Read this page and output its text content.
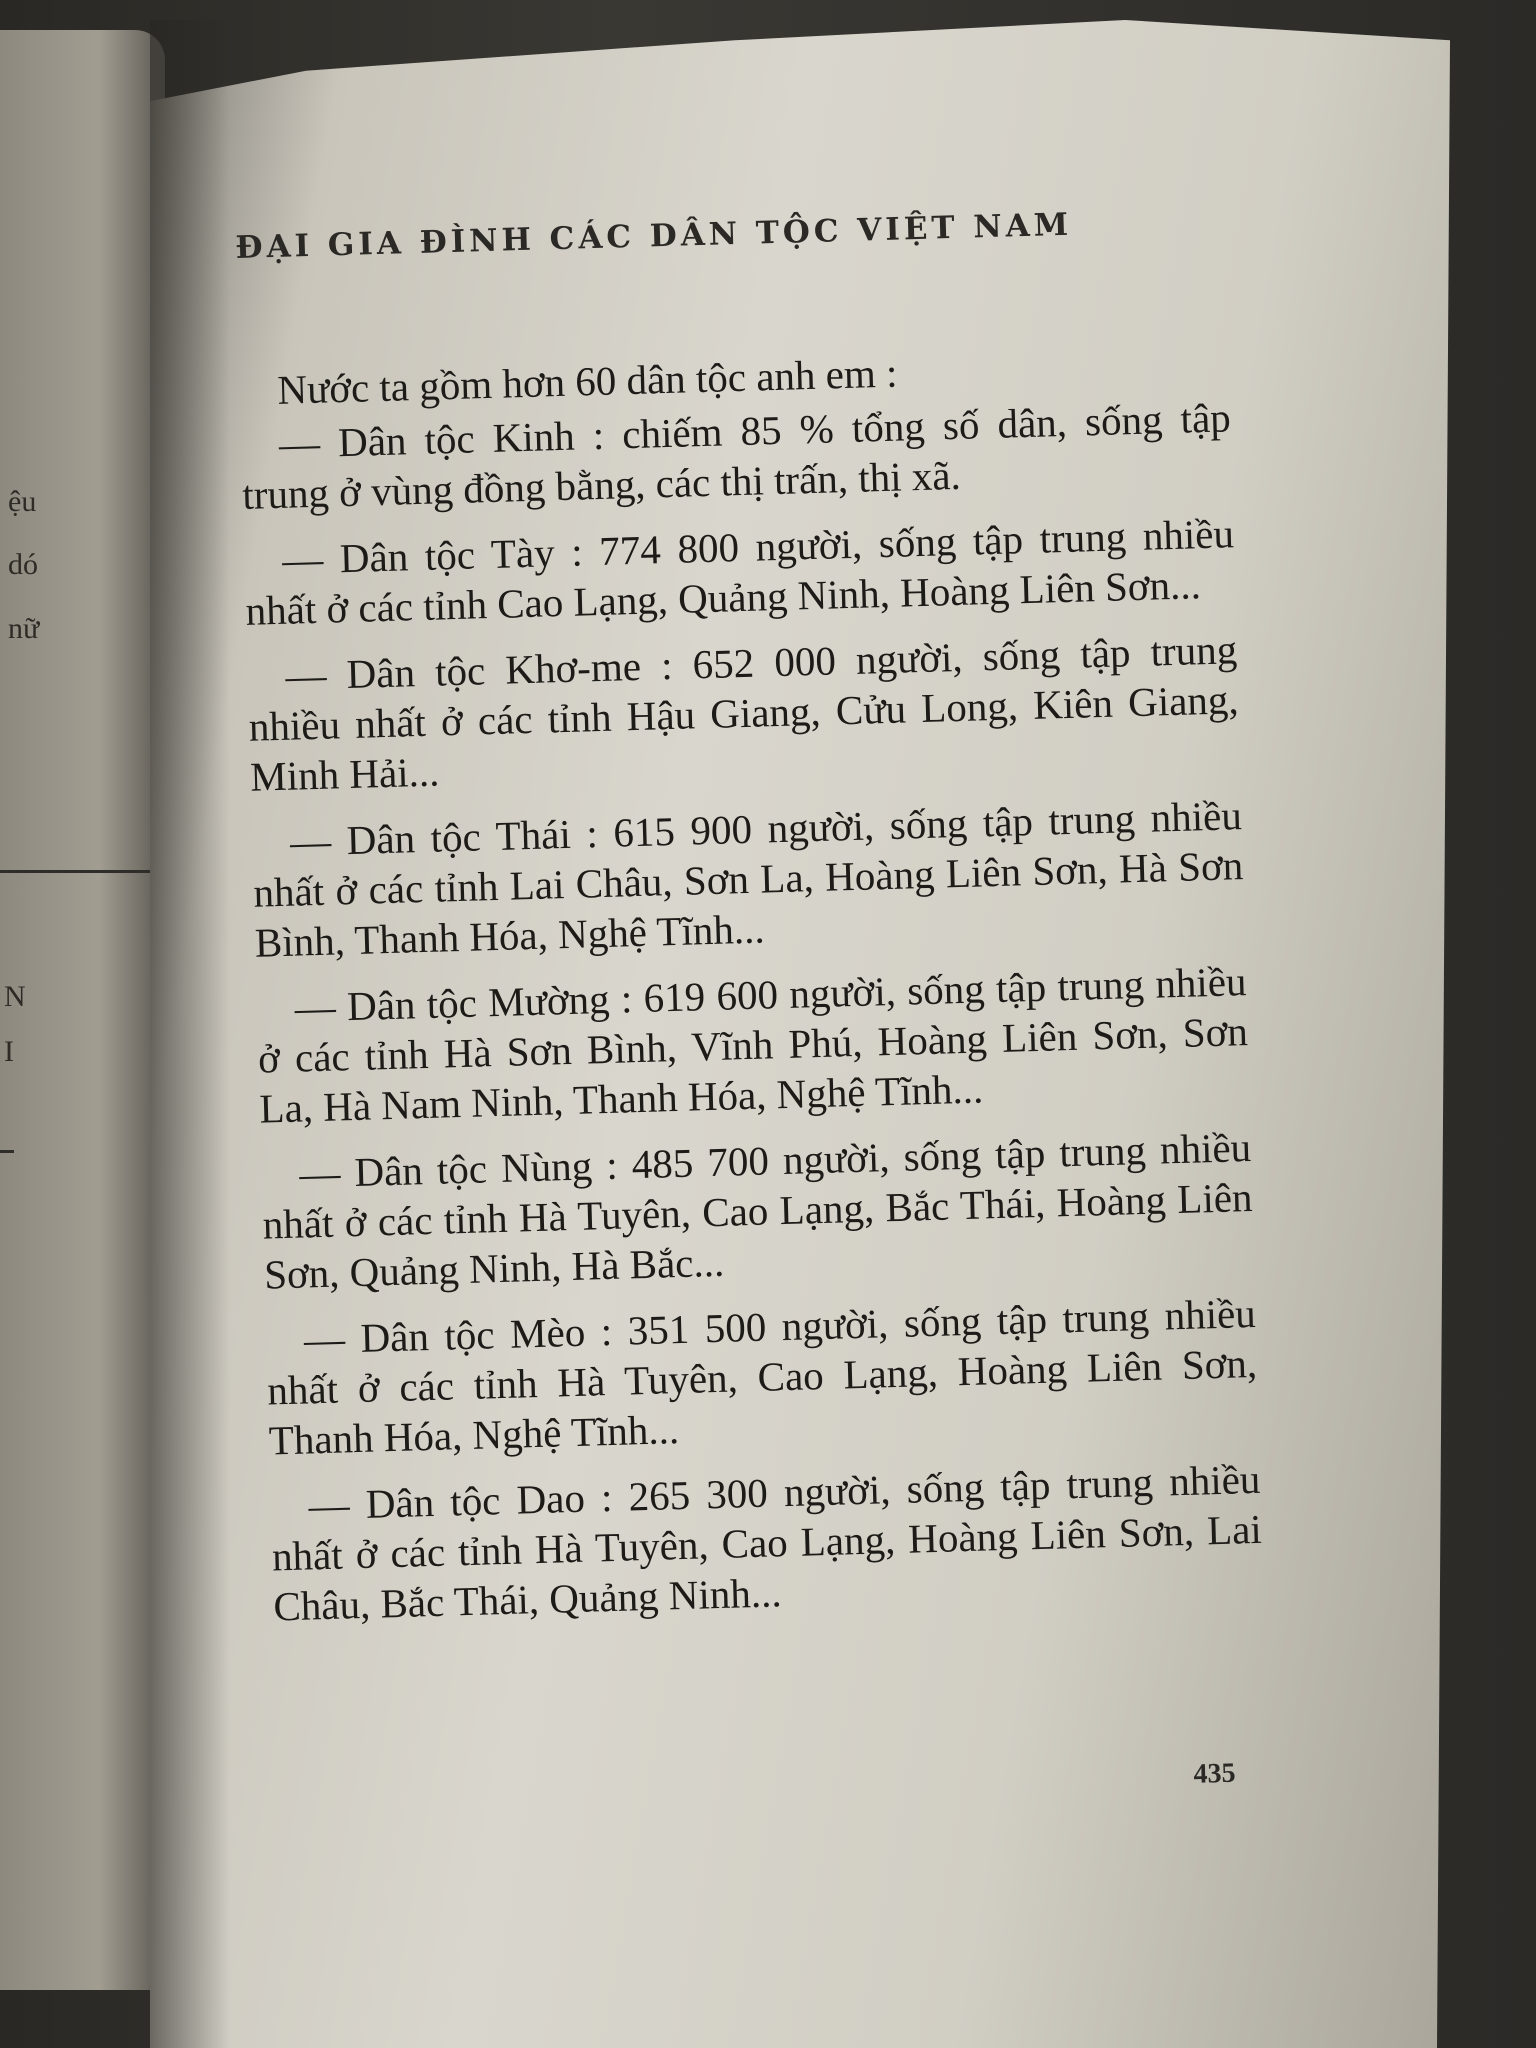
ệu
dó
nữ
N
I
ĐẠI GIA ĐÌNH CÁC DÂN TỘC VIỆT NAM

Nước ta gồm hơn 60 dân tộc anh em :

— Dân tộc Kinh : chiếm 85 % tổng số dân, sống tập trung ở vùng đồng bằng, các thị trấn, thị xã.

— Dân tộc Tày : 774 800 người, sống tập trung nhiều nhất ở các tỉnh Cao Lạng, Quảng Ninh, Hoàng Liên Sơn...

— Dân tộc Khơ-me : 652 000 người, sống tập trung nhiều nhất ở các tỉnh Hậu Giang, Cửu Long, Kiên Giang, Minh Hải...

— Dân tộc Thái : 615 900 người, sống tập trung nhiều nhất ở các tỉnh Lai Châu, Sơn La, Hoàng Liên Sơn, Hà Sơn Bình, Thanh Hóa, Nghệ Tĩnh...

— Dân tộc Mường : 619 600 người, sống tập trung nhiều ở các tỉnh Hà Sơn Bình, Vĩnh Phú, Hoàng Liên Sơn, Sơn La, Hà Nam Ninh, Thanh Hóa, Nghệ Tĩnh...

— Dân tộc Nùng : 485 700 người, sống tập trung nhiều nhất ở các tỉnh Hà Tuyên, Cao Lạng, Bắc Thái, Hoàng Liên Sơn, Quảng Ninh, Hà Bắc...

— Dân tộc Mèo : 351 500 người, sống tập trung nhiều nhất ở các tỉnh Hà Tuyên, Cao Lạng, Hoàng Liên Sơn, Thanh Hóa, Nghệ Tĩnh...

— Dân tộc Dao : 265 300 người, sống tập trung nhiều nhất ở các tỉnh Hà Tuyên, Cao Lạng, Hoàng Liên Sơn, Lai Châu, Bắc Thái, Quảng Ninh...

435
